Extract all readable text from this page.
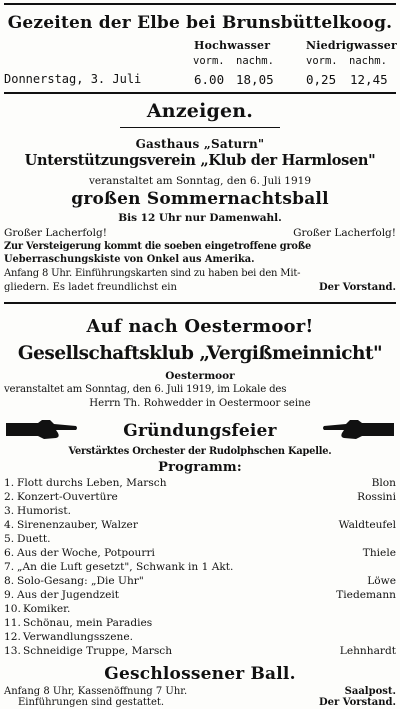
Gezeiten der Elbe bei Brunsbüttelkoog.
Hochwasser	Niedrigwasser
vorm. nachm.	vorm. nachm.
Donnerstag, 3. Juli	6.00 18,05	0,25 12,45
Anzeigen.
Gasthaus „Saturn"
Unterstützungsverein „Klub der Harmlosen"
veranstaltet am Sonntag, den 6. Juli 1919
großen Sommernachtsball
Bis 12 Uhr nur Damenwahl.
Großer Lacherfolg!	Großer Lacherfolg!
Zur Versteigerung kommt die soeben eingetroffene große
Ueberraschungskiste von Onkel aus Amerika.
Anfang 8 Uhr. Einführungskarten sind zu haben bei den Mit-
gliedern. Es ladet freundlichst ein	Der Vorstand.
Auf nach Oestermoor!
Gesellschaftsklub „Vergißmeinnicht"
Oestermoor
veranstaltet am Sonntag, den 6. Juli 1919, im Lokale des
Herrn Th. Rohwedder in Oestermoor seine
Gründungsfeier
Verstärktes Orchester der Rudolphschen Kapelle.
Programm:
1. Flott durchs Leben, Marsch	Blon
2. Konzert-Ouvertüre	Rossini
3. Humorist.
4. Sirenenzauber, Walzer	Waldteufel
5. Duett.
6. Aus der Woche, Potpourri	Thiele
7. „An die Luft gesetzt", Schwank in 1 Akt.
8. Solo-Gesang: „Die Uhr"	Löwe
9. Aus der Jugendzeit	Tiedemann
10. Komiker.
11. Schönau, mein Paradies
12. Verwandlungsszene.
13. Schneidige Truppe, Marsch	Lehnhardt
Geschlossener Ball.
Anfang 8 Uhr, Kassenöffnung 7 Uhr.	Saalpost.
Einführungen sind gestattet.	Der Vorstand.
